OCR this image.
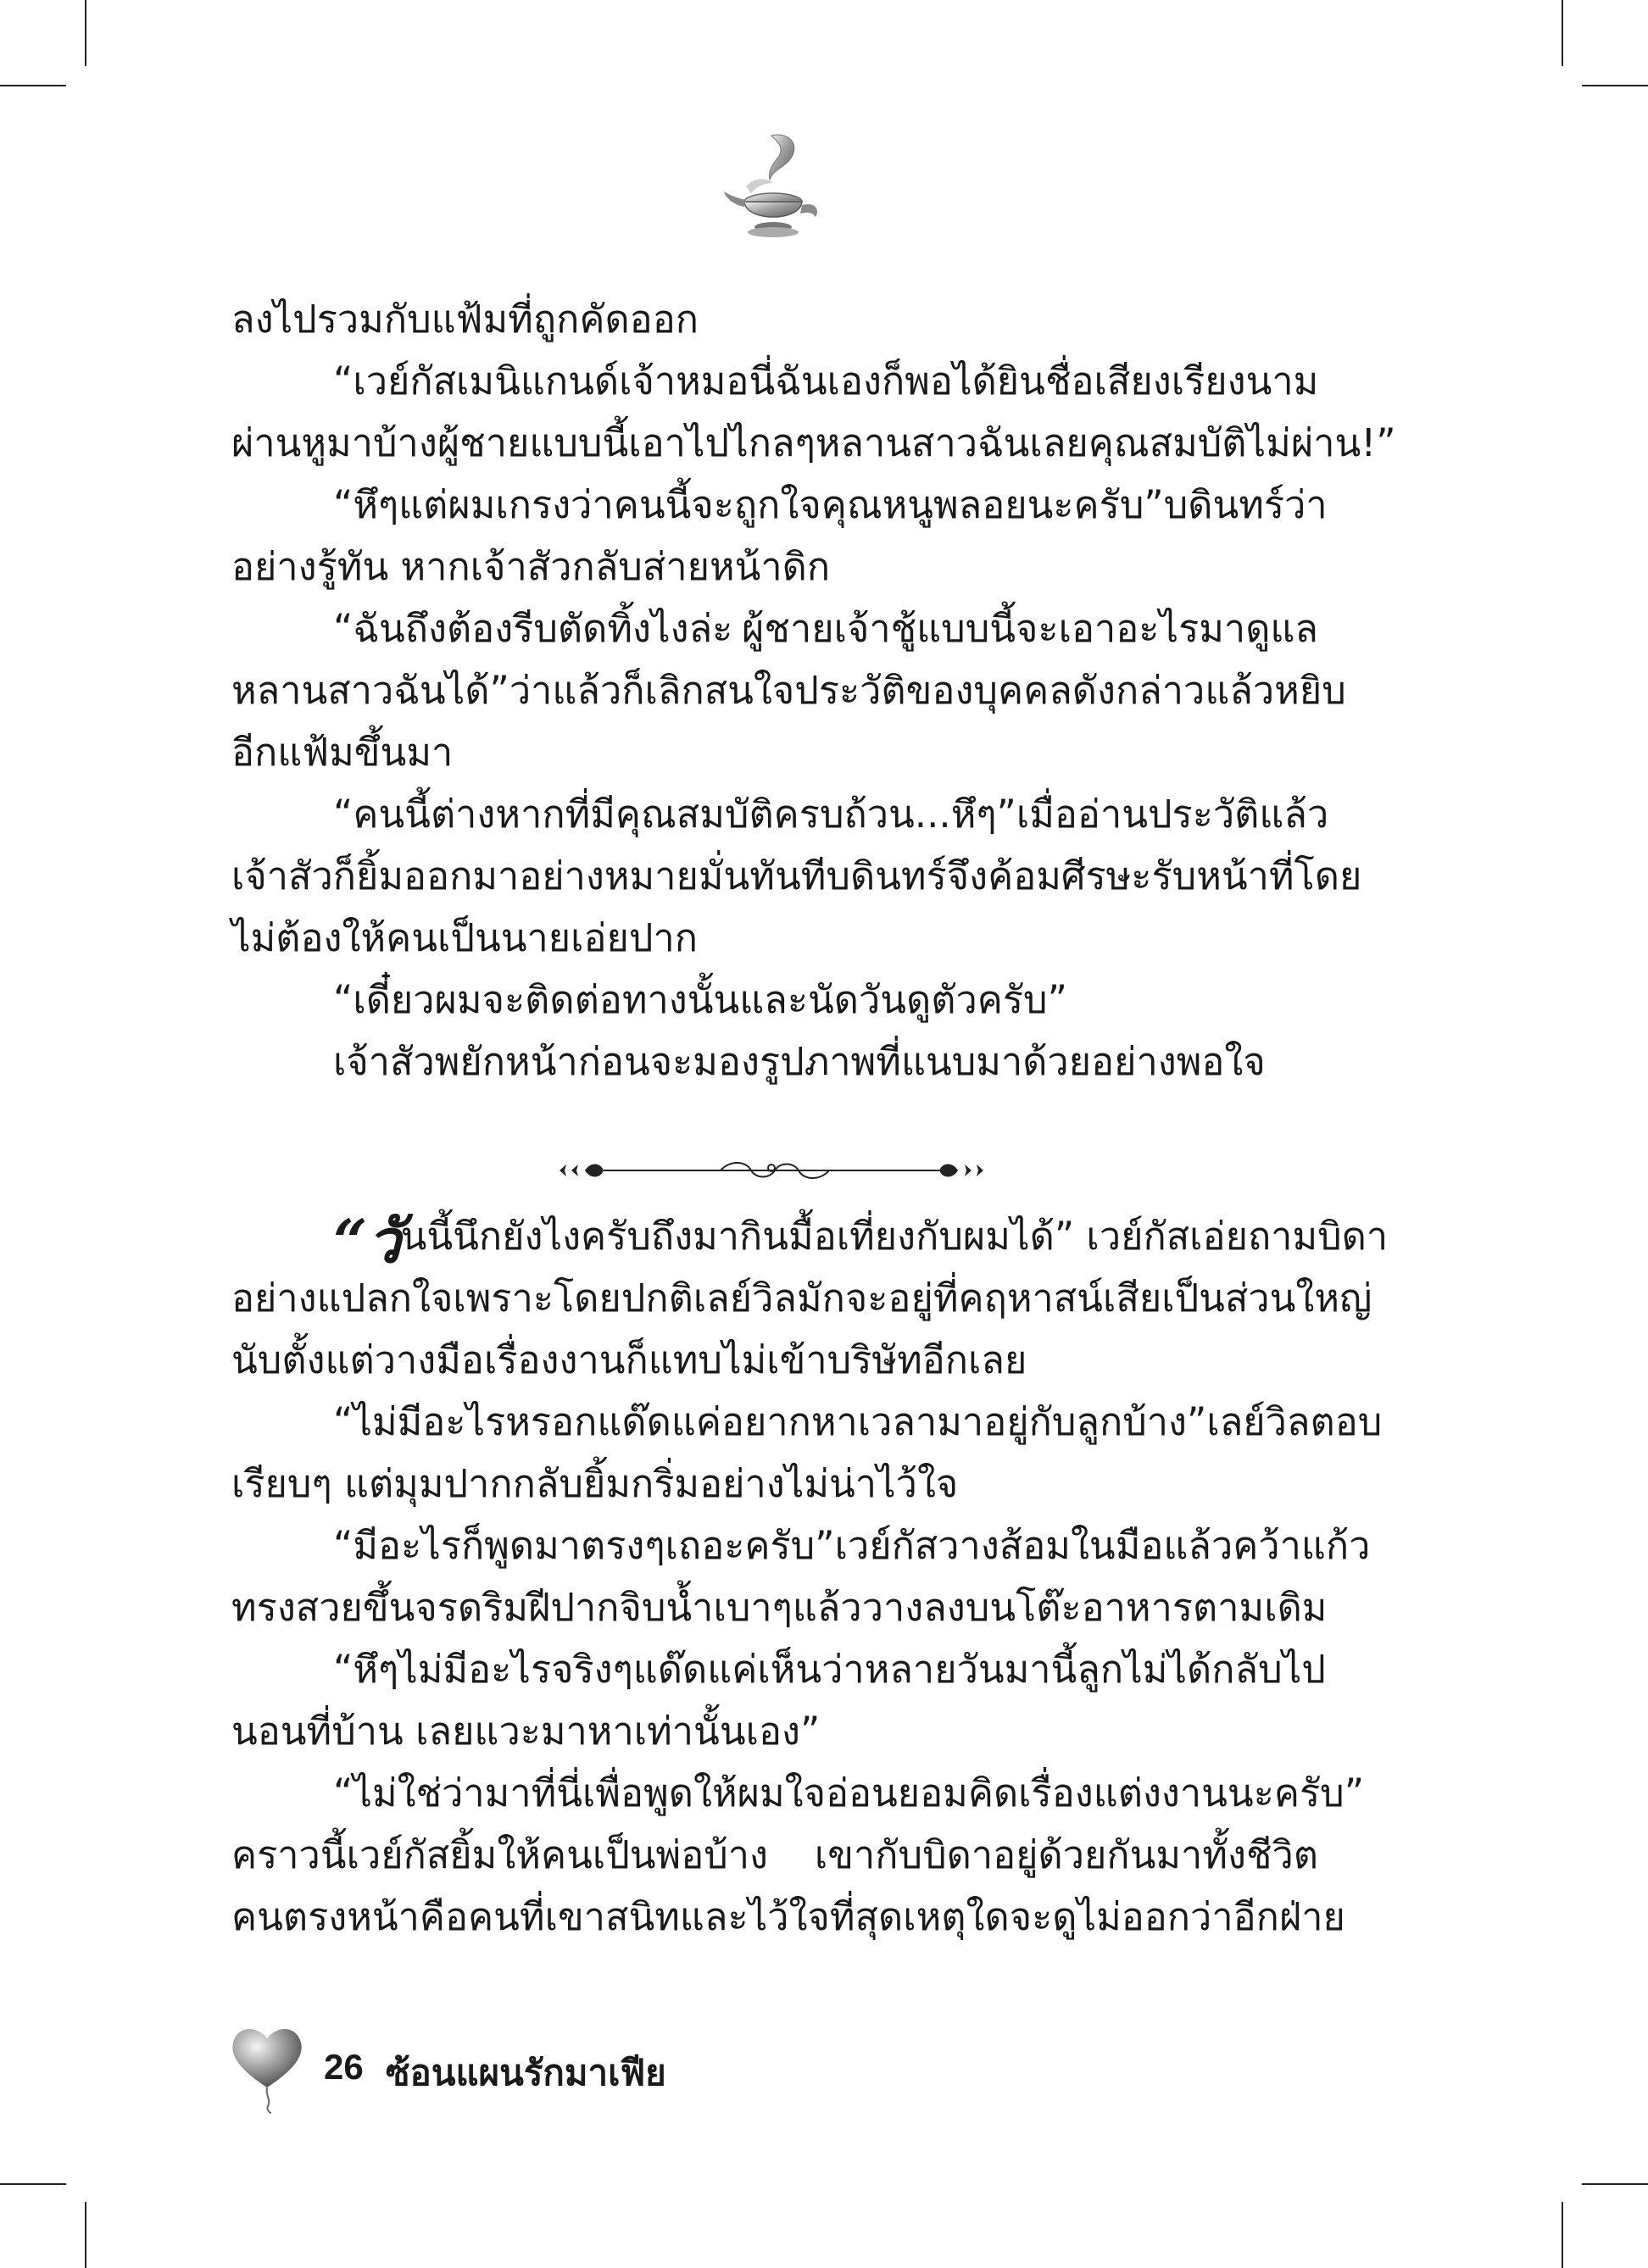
ลงไปรวมกับแฟ้มที่ถูกคัดออก
“เวย์กัส เมนิแกนด์ เจ้าหมอนี่ฉันเองก็พอได้ยินชื่อเสียงเรียงนาม
ผ่านหูมาบ้าง ผู้ชายแบบนี้เอาไปไกลๆ หลานสาวฉันเลย คุณสมบัติไม่ผ่าน!”
“หึๆ แต่ผมเกรงว่าคนนี้จะถูกใจคุณหนูพลอยนะครับ” บดินทร์ว่า
อย่างรู้ทัน หากเจ้าสัวกลับส่ายหน้าดิก
“ฉันถึงต้องรีบตัดทิ้งไงล่ะ ผู้ชายเจ้าชู้แบบนี้จะเอาอะไรมาดูแล
หลานสาวฉันได้” ว่าแล้วก็เลิกสนใจประวัติของบุคคลดังกล่าวแล้วหยิบ
อีกแฟ้มขึ้นมา
“คนนี้ต่างหากที่มีคุณสมบัติครบถ้วน...หึๆ” เมื่ออ่านประวัติแล้ว
เจ้าสัวก็ยิ้มออกมาอย่างหมายมั่นทันที บดินทร์จึงค้อมศีรษะรับหน้าที่โดย
ไม่ต้องให้คนเป็นนายเอ่ยปาก
“เดี๋ยวผมจะติดต่อทางนั้นและนัดวันดูตัวครับ”
เจ้าสัวพยักหน้าก่อนจะมองรูปภาพที่แนบมาด้วยอย่างพอใจ
“วั นนี้นึกยังไงครับถึงมากินมื้อเที่ยงกับผมได้” เวย์กัสเอ่ยถามบิดา
อย่างแปลกใจ เพราะโดยปกติเลย์วิลมักจะอยู่ที่คฤหาสน์เสียเป็นส่วนใหญ่
นับตั้งแต่วางมือเรื่องงานก็แทบไม่เข้าบริษัทอีกเลย
“ไม่มีอะไรหรอก แด๊ดแค่อยากหาเวลามาอยู่กับลูกบ้าง” เลย์วิลตอบ
เรียบๆ แต่มุมปากกลับยิ้มกริ่มอย่างไม่น่าไว้ใจ
“มีอะไรก็พูดมาตรงๆ เถอะครับ” เวย์กัสวางส้อมในมือแล้วคว้าแก้ว
ทรงสวยขึ้นจรดริมฝีปาก จิบน้ำเบาๆ แล้ววางลงบนโต๊ะอาหารตามเดิม
“หึๆ ไม่มีอะไรจริงๆ แด๊ดแค่เห็นว่าหลายวันมานี้ลูกไม่ได้กลับไป
นอนที่บ้าน เลยแวะมาหาเท่านั้นเอง”
“ไม่ใช่ว่ามาที่นี่เพื่อพูดให้ผมใจอ่อนยอมคิดเรื่องแต่งงานนะครับ”
คราวนี้เวย์กัสยิ้มให้คนเป็นพ่อบ้าง เขากับบิดาอยู่ด้วยกันมาทั้งชีวิต
คนตรงหน้าคือคนที่เขาสนิทและไว้ใจที่สุด เหตุใดจะดูไม่ออกว่าอีกฝ่าย
26 ซ้อนแผนรักมาเฟีย
